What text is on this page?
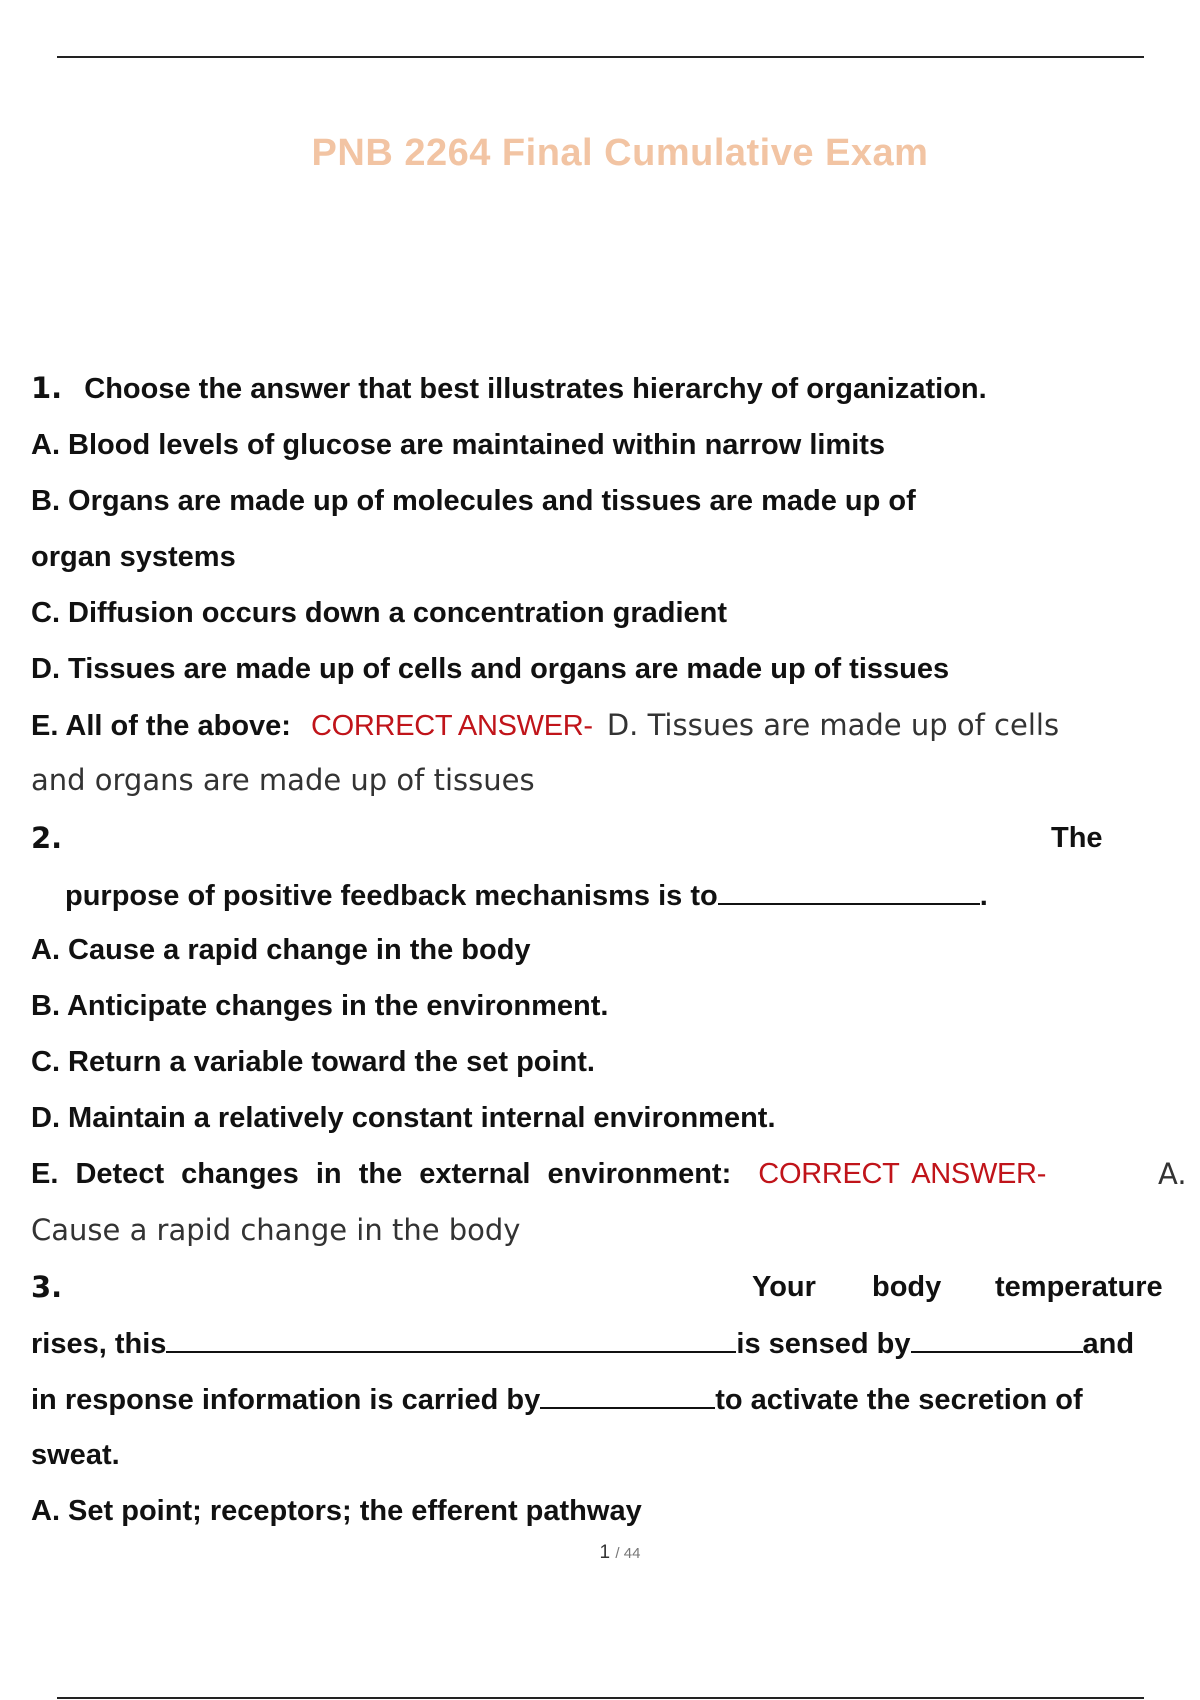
PNB 2264 Final Cumulative Exam
1. Choose the answer that best illustrates hierarchy of organization.
A. Blood levels of glucose are maintained within narrow limits
B. Organs are made up of molecules and tissues are made up of
organ systems
C. Diffusion occurs down a concentration gradient
D. Tissues are made up of cells and organs are made up of tissues
E. All of the above: CORRECT ANSWER- D. Tissues are made up of cells
and organs are made up of tissues
2.	The
purpose of positive feedback mechanisms is to	.
A. Cause a rapid change in the body
B. Anticipate changes in the environment.
C. Return a variable toward the set point.
D. Maintain a relatively constant internal environment.
E. Detect changes in the external environment: CORRECT ANSWER-	A.
Cause a rapid change in the body
3.	Your body temperature
rises, this	is sensed by	and
in response information is carried by	to activate the secretion of
sweat.
A. Set point; receptors; the efferent pathway
1 / 44
